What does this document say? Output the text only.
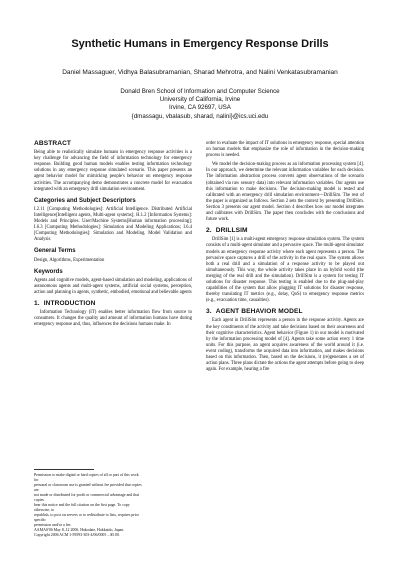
Synthetic Humans in Emergency Response Drills
Daniel Massaguer, Vidhya Balasubramanian, Sharad Mehrotra, and Nalini Venkatasubramanian
Donald Bren School of Information and Computer Science
University of California, Irvine
Irvine, CA 92697, USA
{dmassagu, vbalasub, sharad, nalini}@ics.uci.edu
ABSTRACT

Being able to realistically simulate humans in emergency response activities is a key challenge for advancing the field of information technology for emergency response. Building good human models enables testing information technology solutions in any emergency response simulated scenario. This paper presents an agent behavior model for mimicking people's behavior on emergency response activities. The accompanying demo demonstrates a concrete model for evacuation integrated with an emergency drill simulation environment.

Categories and Subject Descriptors

I.2.11 [Computing Methodologies]: Artificial Intelligence. Distributed Artificial Intelligence[Intelligent agents, Multi-agent systems]; H.1.2 [Information Systems]: Models and Principles. User/Machine Systems[Human information processing]; I.6.3 [Computing Methodologies]: Simulation and Modeling Applications; I.6.4 [Computing Methodologies]: Simulation and Modeling. Model Validation and Analysis

General Terms

Design, Algorithms, Experimentation

Keywords

Agents and cognitive models, agent-based simulation and modeling, applications of autonomous agents and multi-agent systems, artificial social systems, perception, action and planning in agents, synthetic, embodied, emotional and believable agents

1. INTRODUCTION

Information Technology (IT) enables better information flow from source to consumers. It changes the quality and amount of information humans have during emergency response and, thus, influences the decisions humans make. In

Permission to make digital or hard copies of all or part of this work for
personal or classroom use is granted without fee provided that copies are
not made or distributed for profit or commercial advantage and that copies
bear this notice and the full citation on the first page. To copy otherwise, to
republish, to post on servers or to redistribute to lists, requires prior specific
permission and/or a fee.
AAMAS'06 May 8–12 2006, Hakodate, Hokkaido, Japan.
Copyright 2006 ACM 1-59593-303-4/06/0005 ...$5.00.

order to evaluate the impact of IT solutions in emergency response, special attention on human models that emphasize the role of information in the decision-making process is needed.

We model the decision-making process as an information processing system [4]. In our approach, we determine the relevant information variables for each decision. The information abstraction process converts agent observations of the scenario (obtained via raw sensory data) into relevant information variables. Our agents use this information to make decisions. The decision-making model is tested and calibrated with an emergency drill simulation environment—DrillSim. The rest of the paper is organized as follows. Section 2 sets the context by presenting DrillSim. Section 3 presents our agent model. Section 4 describes how our model integrates and calibrates with DrillSim. The paper then concludes with the conclusions and future work.

2. DRILLSIM

DrillSim [1] is a multi-agent emergency response simulation system. The system consists of a multi-agent simulator and a pervasive space. The multi-agent simulator models an emergency response activity where each agent represents a person. The pervasive space captures a drill of the activity in the real space. The system allows both a real drill and a simulation of a response activity to be played out simultaneously. This way, the whole activity takes place in an hybrid world (the merging of the real drill and the simulation). DrillSim is a system for testing IT solutions for disaster response. This testing is enabled due to the plug-and-play capabilities of the system that allow plugging IT solutions for disaster response, thereby translating IT metrics (e.g., delay, QoS) to emergency response metrics (e.g., evacuation time, casualties).

3. AGENT BEHAVIOR MODEL

Each agent in DrillSim represents a person in the response activity. Agents are the key constituents of the activity and take decisions based on their awareness and their cognitive characteristics. Agent behavior (Figure 1) in our model is motivated by the information processing model of [4]. Agents take some action every 1 time units. For this purpose, an agent acquires awareness of the world around it (i.e. event coding), transforms the acquired data into information, and makes decisions based on this information. Then, based on the decisions, it (re)generates a set of action plans. Three plans dictate the actions the agent attempts before going to sleep again. For example, hearing a fire
